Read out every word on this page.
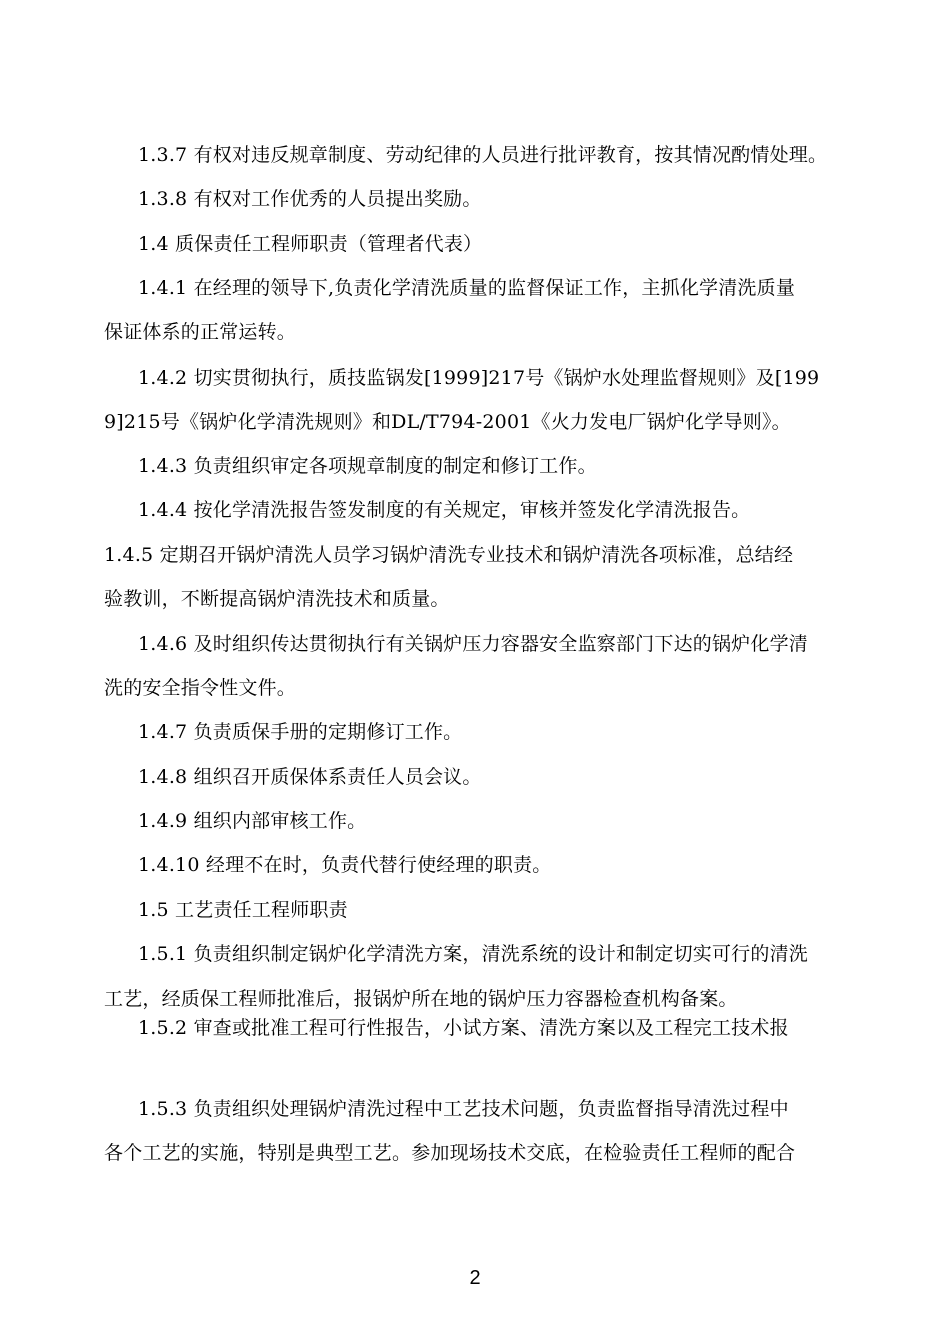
1.3.7 有权对违反规章制度、劳动纪律的人员进行批评教育，按其情况酌情处理。
1.3.8 有权对工作优秀的人员提出奖励。
1.4 质保责任工程师职责（管理者代表）
1.4.1 在经理的领导下,负责化学清洗质量的监督保证工作，主抓化学清洗质量
保证体系的正常运转。
1.4.2 切实贯彻执行，质技监锅发[1999]217号《锅炉水处理监督规则》及[199
9]215号《锅炉化学清洗规则》和DL/T794-2001《火力发电厂锅炉化学导则》。
1.4.3 负责组织审定各项规章制度的制定和修订工作。
1.4.4 按化学清洗报告签发制度的有关规定，审核并签发化学清洗报告。
1.4.5 定期召开锅炉清洗人员学习锅炉清洗专业技术和锅炉清洗各项标准，总结经
验教训，不断提高锅炉清洗技术和质量。
1.4.6 及时组织传达贯彻执行有关锅炉压力容器安全监察部门下达的锅炉化学清
洗的安全指令性文件。
1.4.7 负责质保手册的定期修订工作。
1.4.8 组织召开质保体系责任人员会议。
1.4.9 组织内部审核工作。
1.4.10 经理不在时，负责代替行使经理的职责。
1.5 工艺责任工程师职责
1.5.1 负责组织制定锅炉化学清洗方案，清洗系统的设计和制定切实可行的清洗
工艺，经质保工程师批准后，报锅炉所在地的锅炉压力容器检查机构备案。
1.5.2 审查或批准工程可行性报告，小试方案、清洗方案以及工程完工技术报
1.5.3 负责组织处理锅炉清洗过程中工艺技术问题，负责监督指导清洗过程中
各个工艺的实施，特别是典型工艺。参加现场技术交底，在检验责任工程师的配合
2
